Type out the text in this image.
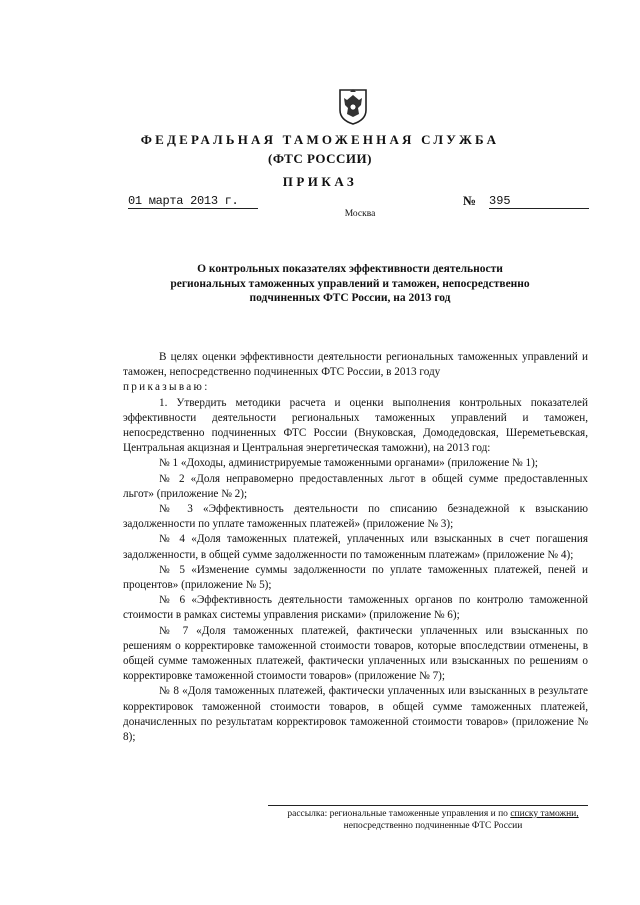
ФЕДЕРАЛЬНАЯ ТАМОЖЕННАЯ СЛУЖБА
(ФТС РОССИИ)
ПРИКАЗ
01 марта 2013 г.	№ 395
Москва
О контрольных показателях эффективности деятельности региональных таможенных управлений и таможен, непосредственно подчиненных ФТС России, на 2013 год

В целях оценки эффективности деятельности региональных таможенных управлений и таможен, непосредственно подчиненных ФТС России, в 2013 году

приказываю:

1. Утвердить методики расчета и оценки выполнения контрольных показателей эффективности деятельности региональных таможенных управлений и таможен, непосредственно подчиненных ФТС России (Внуковская, Домодедовская, Шереметьевская, Центральная акцизная и Центральная энергетическая таможни), на 2013 год:

№ 1 «Доходы, администрируемые таможенными органами» (приложение № 1);

№ 2 «Доля неправомерно предоставленных льгот в общей сумме предоставленных льгот» (приложение № 2);

№ 3 «Эффективность деятельности по списанию безнадежной к взысканию задолженности по уплате таможенных платежей» (приложение № 3);

№ 4 «Доля таможенных платежей, уплаченных или взысканных в счет погашения задолженности, в общей сумме задолженности по таможенным платежам» (приложение № 4);

№ 5 «Изменение суммы задолженности по уплате таможенных платежей, пеней и процентов» (приложение № 5);

№ 6 «Эффективность деятельности таможенных органов по контролю таможенной стоимости в рамках системы управления рисками» (приложение № 6);

№ 7 «Доля таможенных платежей, фактически уплаченных или взысканных по решениям о корректировке таможенной стоимости товаров, которые впоследствии отменены, в общей сумме таможенных платежей, фактически уплаченных или взысканных по решениям о корректировке таможенной стоимости товаров» (приложение № 7);

№ 8 «Доля таможенных платежей, фактически уплаченных или взысканных в результате корректировок таможенной стоимости товаров, в общей сумме таможенных платежей, доначисленных по результатам корректировок таможенной стоимости товаров» (приложение № 8);

рассылка: региональные таможенные управления и по списку таможни,
непосредственно подчиненные ФТС России
